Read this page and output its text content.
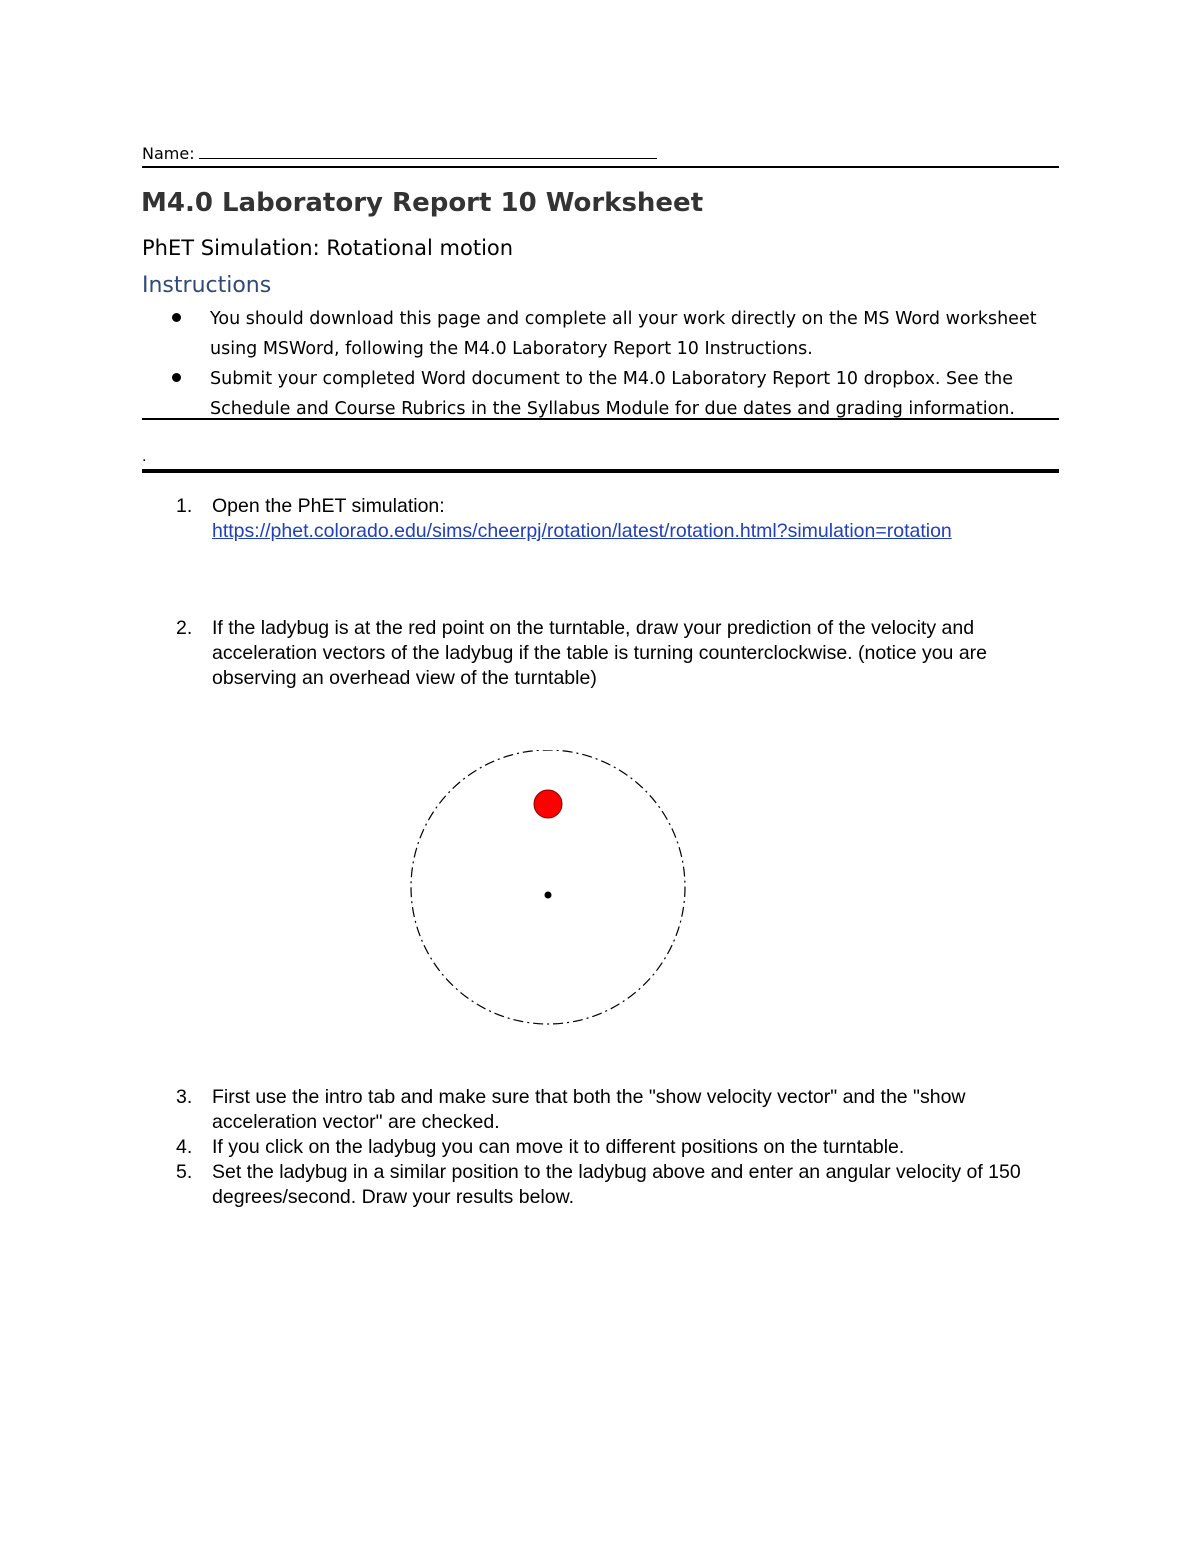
Name:
M4.0 Laboratory Report 10 Worksheet
PhET Simulation: Rotational motion
Instructions
You should download this page and complete all your work directly on the MS Word worksheet using MSWord, following the M4.0 Laboratory Report 10 Instructions.
Submit your completed Word document to the M4.0 Laboratory Report 10 dropbox. See the Schedule and Course Rubrics in the Syllabus Module for due dates and grading information.
.
1. Open the PhET simulation:
https://phet.colorado.edu/sims/cheerpj/rotation/latest/rotation.html?simulation=rotation
2. If the ladybug is at the red point on the turntable, draw your prediction of the velocity and acceleration vectors of the ladybug if the table is turning counterclockwise. (notice you are observing an overhead view of the turntable)
3. First use the intro tab and make sure that both the "show velocity vector" and the "show acceleration vector" are checked.
4. If you click on the ladybug you can move it to different positions on the turntable.
5. Set the ladybug in a similar position to the ladybug above and enter an angular velocity of 150 degrees/second. Draw your results below.
